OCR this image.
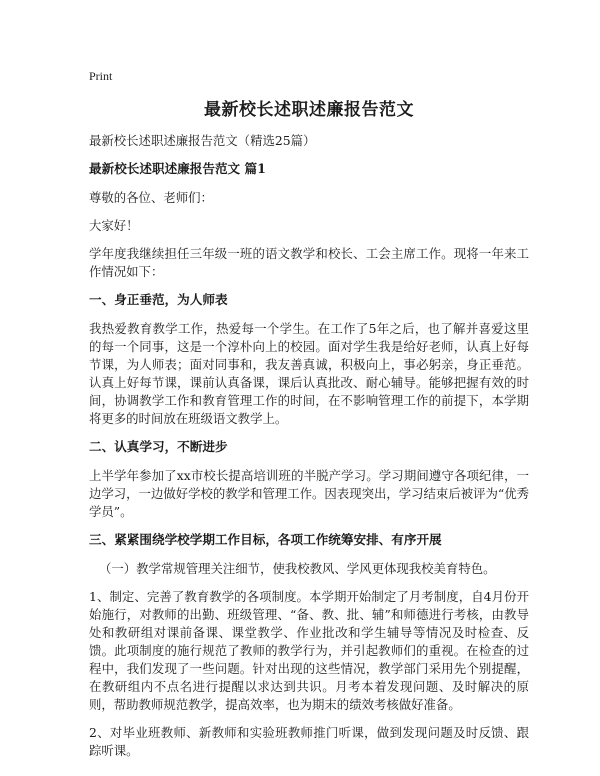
Print
最新校长述职述廉报告范文
最新校长述职述廉报告范文（精选25篇）
最新校长述职述廉报告范文 篇1
尊敬的各位、老师们：
大家好！
学年度我继续担任三年级一班的语文教学和校长、工会主席工作。现将一年来工作情况如下：
一、身正垂范，为人师表
我热爱教育教学工作，热爱每一个学生。在工作了5年之后，也了解并喜爱这里的每一个同事，这是一个淳朴向上的校园。面对学生我是给好老师，认真上好每节课，为人师表；面对同事和，我友善真诚，积极向上，事必躬亲，身正垂范。认真上好每节课，课前认真备课，课后认真批改、耐心辅导。能够把握有效的时间，协调教学工作和教育管理工作的时间，在不影响管理工作的前提下，本学期将更多的时间放在班级语文教学上。
二、认真学习，不断进步
上半学年参加了xx市校长提高培训班的半脱产学习。学习期间遵守各项纪律，一边学习，一边做好学校的教学和管理工作。因表现突出，学习结束后被评为“优秀学员”。
三、紧紧围绕学校学期工作目标，各项工作统筹安排、有序开展
（一）教学常规管理关注细节，使我校教风、学风更体现我校美育特色。
1、制定、完善了教育教学的各项制度。本学期开始制定了月考制度，自4月份开始施行，对教师的出勤、班级管理、“备、教、批、辅”和师德进行考核，由教导处和教研组对课前备课、课堂教学、作业批改和学生辅导等情况及时检查、反馈。此项制度的施行规范了教师的教学行为，并引起教师们的重视。在检查的过程中，我们发现了一些问题。针对出现的这些情况，教学部门采用先个别提醒，在教研组内不点名进行提醒以求达到共识。月考本着发现问题、及时解决的原则，帮助教师规范教学，提高效率，也为期末的绩效考核做好准备。
2、对毕业班教师、新教师和实验班教师推门听课，做到发现问题及时反馈、跟踪听课。
